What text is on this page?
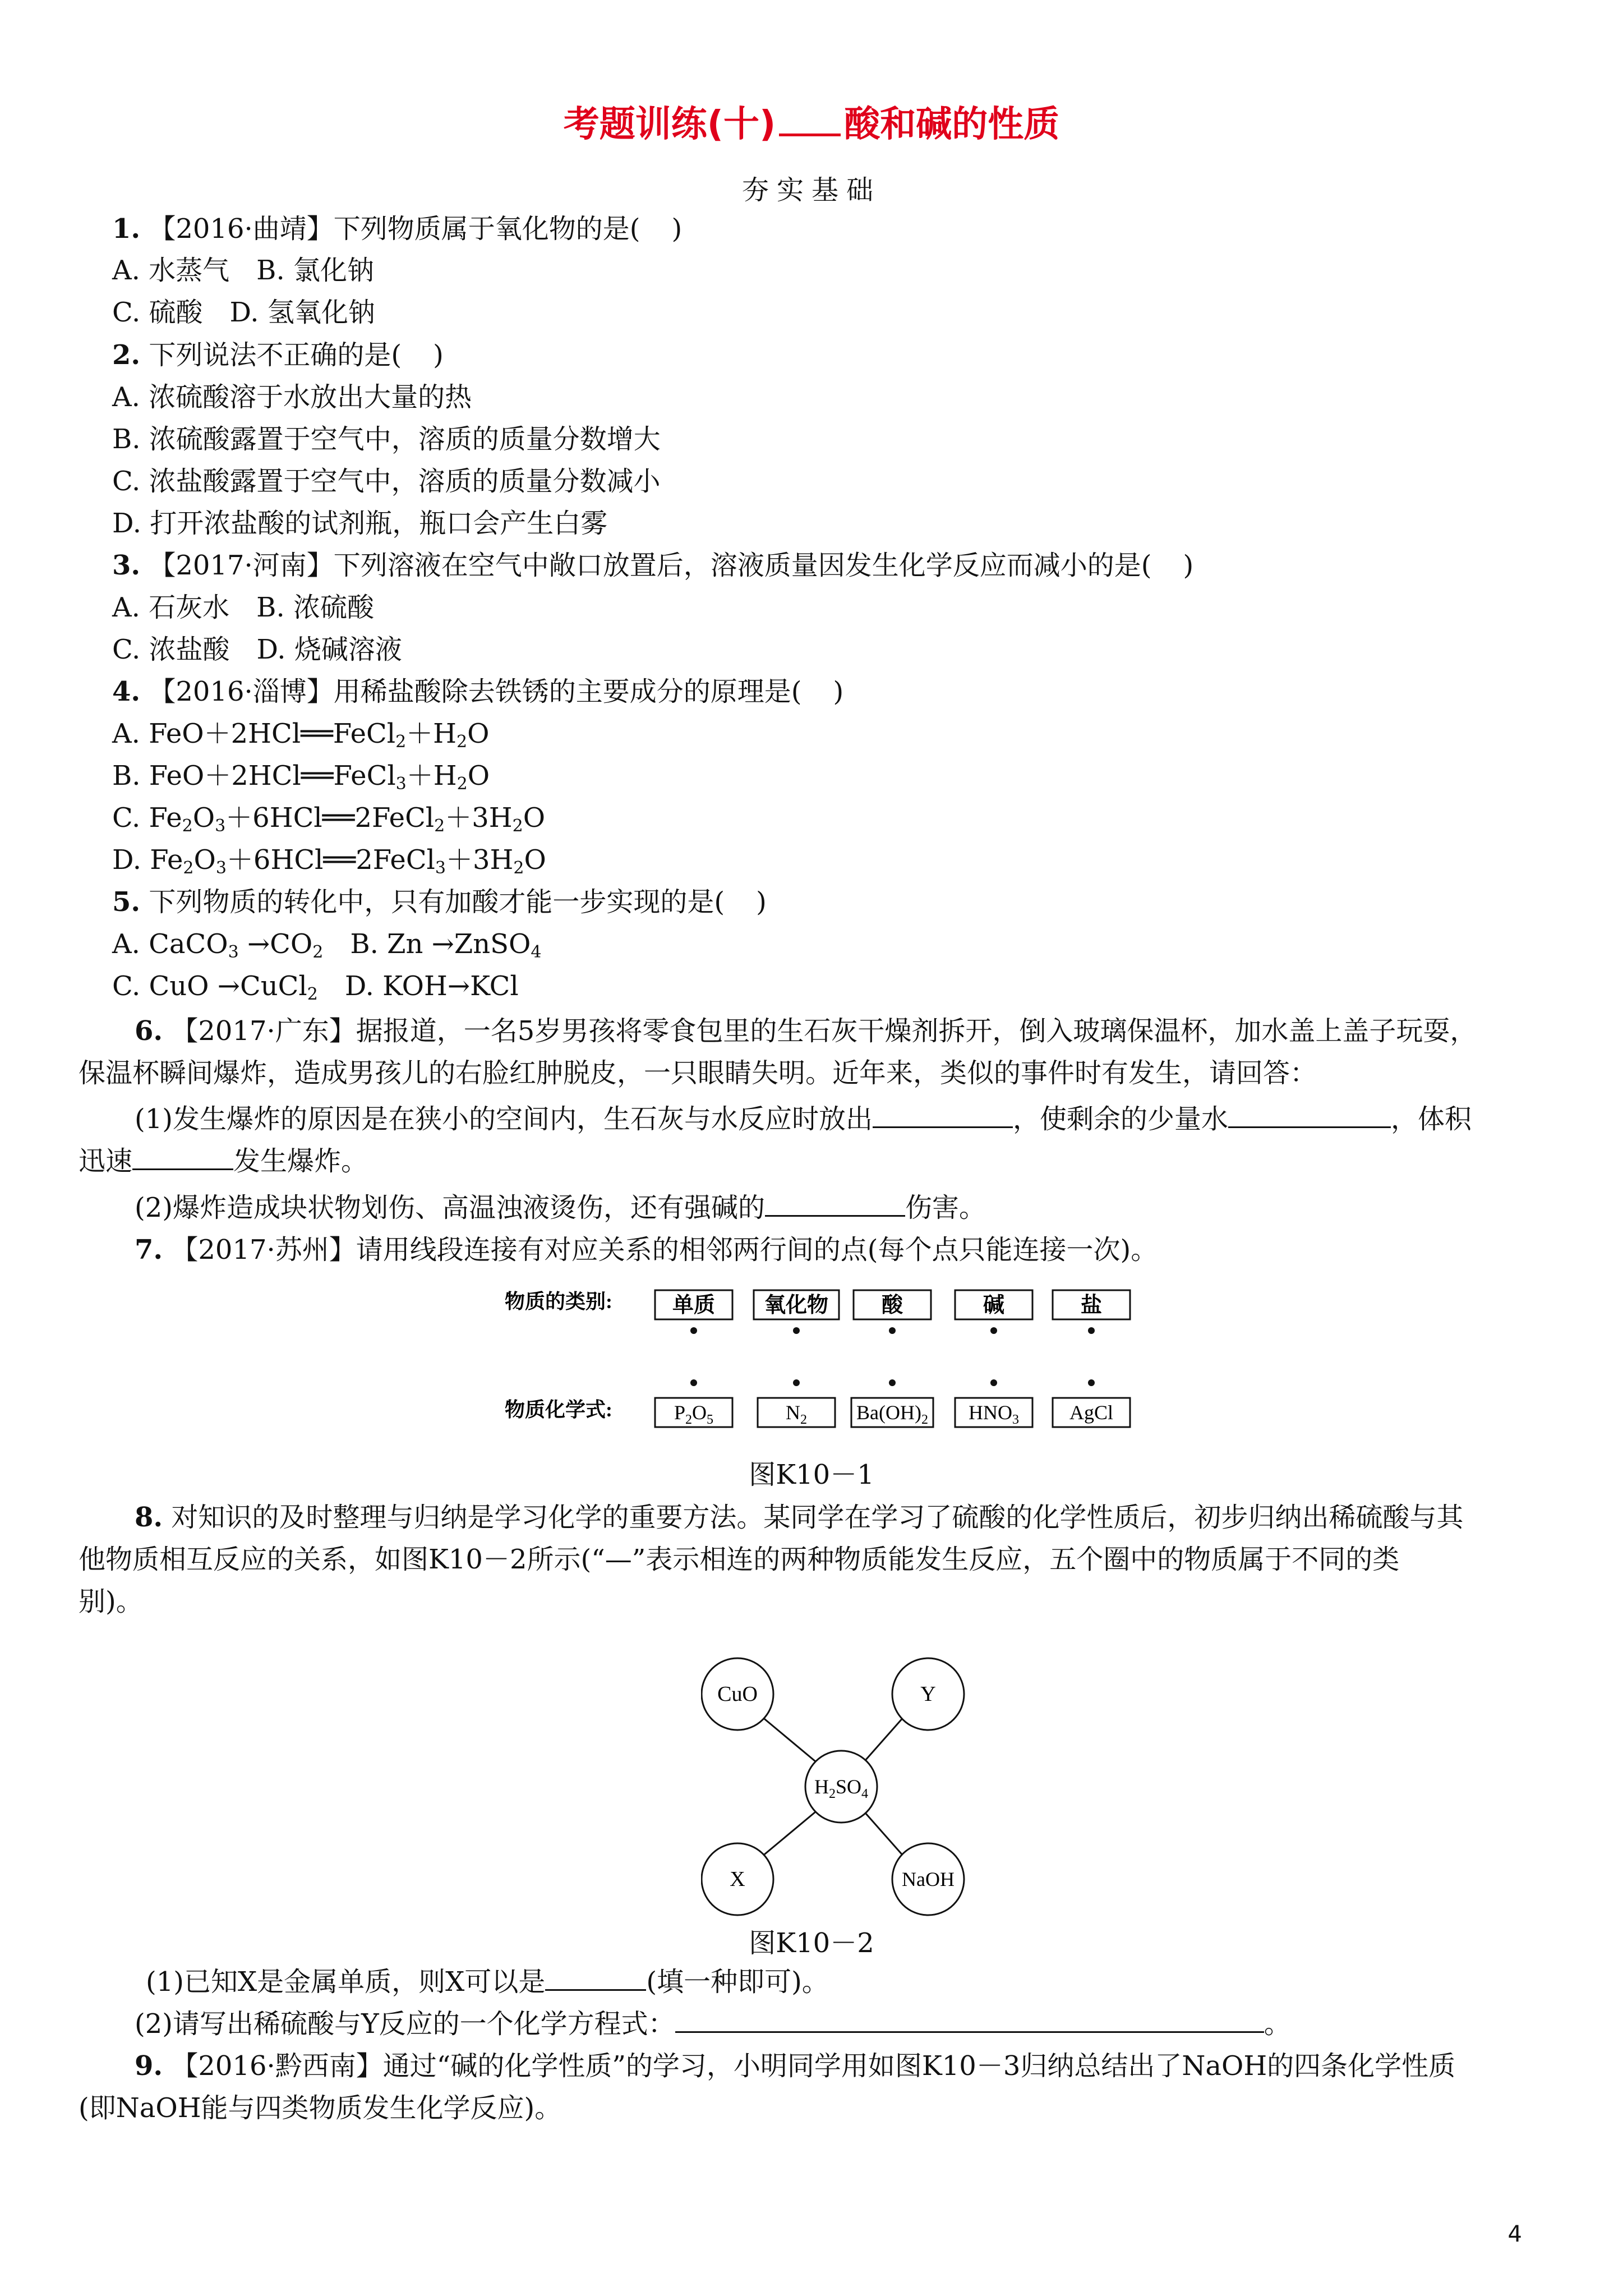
考题训练(十) 酸和碱的性质
夯实基础
1. 【2016·曲靖】下列物质属于氧化物的是( )
A. 水蒸气　B. 氯化钠
C. 硫酸　D. 氢氧化钠
2. 下列说法不正确的是( )
A. 浓硫酸溶于水放出大量的热
B. 浓硫酸露置于空气中，溶质的质量分数增大
C. 浓盐酸露置于空气中，溶质的质量分数减小
D. 打开浓盐酸的试剂瓶，瓶口会产生白雾
3. 【2017·河南】下列溶液在空气中敞口放置后，溶液质量因发生化学反应而减小的是( )
A. 石灰水　B. 浓硫酸
C. 浓盐酸　D. 烧碱溶液
4. 【2016·淄博】用稀盐酸除去铁锈的主要成分的原理是( )
A. $FeO+2HCl══FeCl_2+H_2O$
B. $FeO+2HCl══FeCl_3+H_2O$
C. $Fe_2O_3+6HCl══2FeCl_2+3H_2O$
D. $Fe_2O_3+6HCl══2FeCl_3+3H_2O$
5. 下列物质的转化中，只有加酸才能一步实现的是( )
A. CaCO$_3$ $\to CO_2$　B. Zn →ZnSO$_4$
C. CuO →CuCl$_2$　D. KOH→KCl
6. 【2017·广东】据报道，一名5岁男孩将零食包里的生石灰干燥剂拆开，倒入玻璃保温杯，加水盖上盖子玩耍，
保温杯瞬间爆炸，造成男孩儿的右脸红肿脱皮，一只眼睛失明。近年来，类似的事件时有发生，请回答：
(1)发生爆炸的原因是在狭小的空间内，生石灰与水反应时放出	，使剩余的少量水	，体积
迅速	发生爆炸。
(2)爆炸造成块状物划伤、高温浊液烫伤，还有强碱的	伤害。
7. 【2017·苏州】请用线段连接有对应关系的相邻两行间的点(每个点只能连接一次)。
物质的类别:	单质 氧化物 酸	碱	盐
物质化学式:	$P_2O_5$	$N_2$ $Ba(OH)_2$ $HNO_3$ AgCl
图K10－1
8. 对知识的及时整理与归纳是学习化学的重要方法。某同学在学习了硫酸的化学性质后，初步归纳出稀硫酸与其
他物质相互反应的关系，如图K10－2所示(“—”表示相连的两种物质能发生反应，五个圈中的物质属于不同的类
别)。
CuO	Y
$H_2SO_4$
X	NaOH
图K10－2
(1)已知X是金属单质，则X可以是	(填一种即可)。
(2)请写出稀硫酸与Y反应的一个化学方程式：	。
9. 【2016·黔西南】通过“碱的化学性质”的学习，小明同学用如图K10－3归纳总结出了NaOH的四条化学性质
(即NaOH能与四类物质发生化学反应)。
4
